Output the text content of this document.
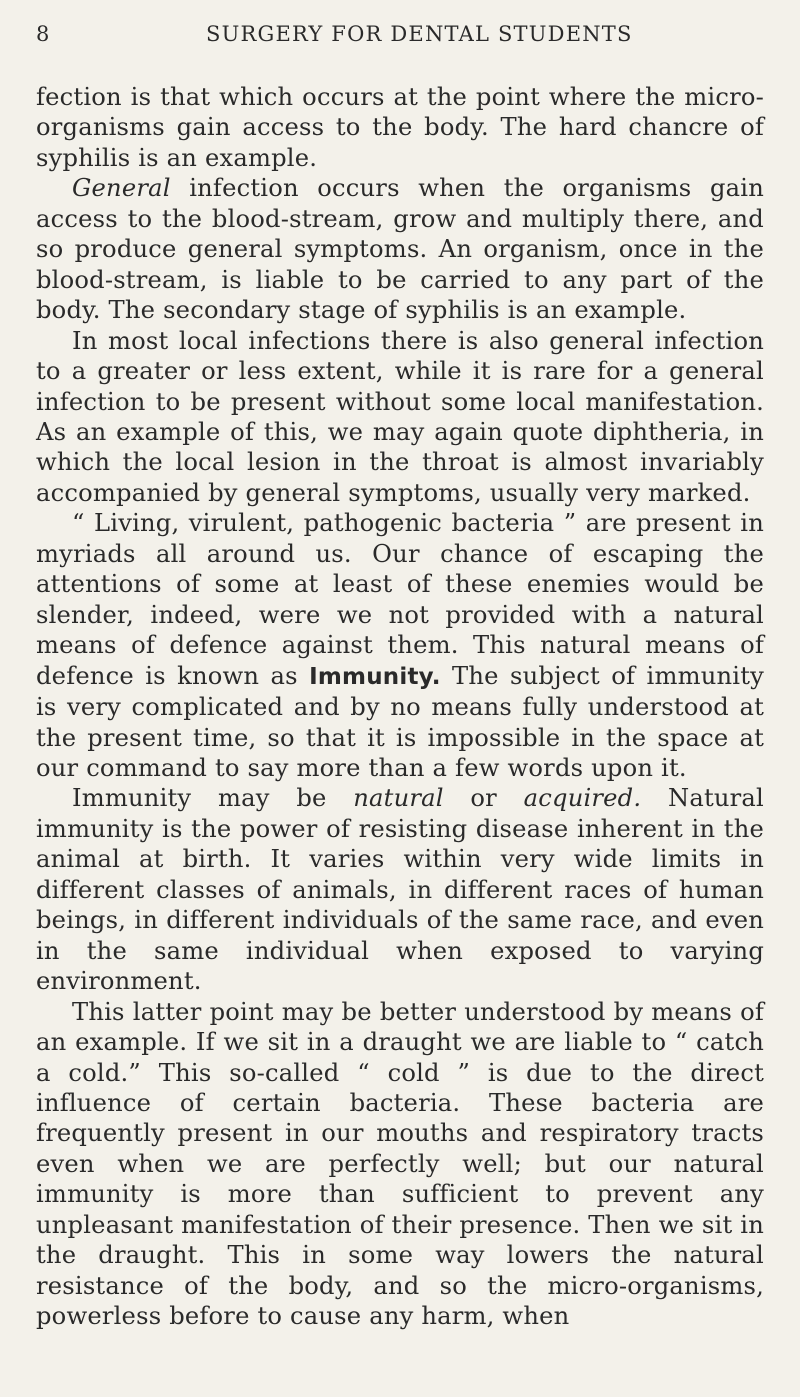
8	SURGERY FOR DENTAL STUDENTS

fection is that which occurs at the point where the micro-organisms gain access to the body. The hard chancre of syphilis is an example.

General infection occurs when the organisms gain access to the blood-stream, grow and multiply there, and so produce general symptoms. An organism, once in the blood-stream, is liable to be carried to any part of the body. The secondary stage of syphilis is an example.

In most local infections there is also general infection to a greater or less extent, while it is rare for a general infection to be present without some local manifestation. As an example of this, we may again quote diphtheria, in which the local lesion in the throat is almost invariably accompanied by general symptoms, usually very marked.

“ Living, virulent, pathogenic bacteria ” are present in myriads all around us. Our chance of escaping the attentions of some at least of these enemies would be slender, indeed, were we not provided with a natural means of defence against them. This natural means of defence is known as Immunity. The subject of immunity is very complicated and by no means fully understood at the present time, so that it is impossible in the space at our command to say more than a few words upon it.

Immunity may be natural or acquired. Natural immunity is the power of resisting disease inherent in the animal at birth. It varies within very wide limits in different classes of animals, in different races of human beings, in different individuals of the same race, and even in the same individual when exposed to varying environment.

This latter point may be better understood by means of an example. If we sit in a draught we are liable to “ catch a cold.” This so-called “ cold ” is due to the direct influence of certain bacteria. These bacteria are frequently present in our mouths and respiratory tracts even when we are perfectly well; but our natural immunity is more than sufficient to prevent any unpleasant manifestation of their presence. Then we sit in the draught. This in some way lowers the natural resistance of the body, and so the micro-organisms, powerless before to cause any harm, when
